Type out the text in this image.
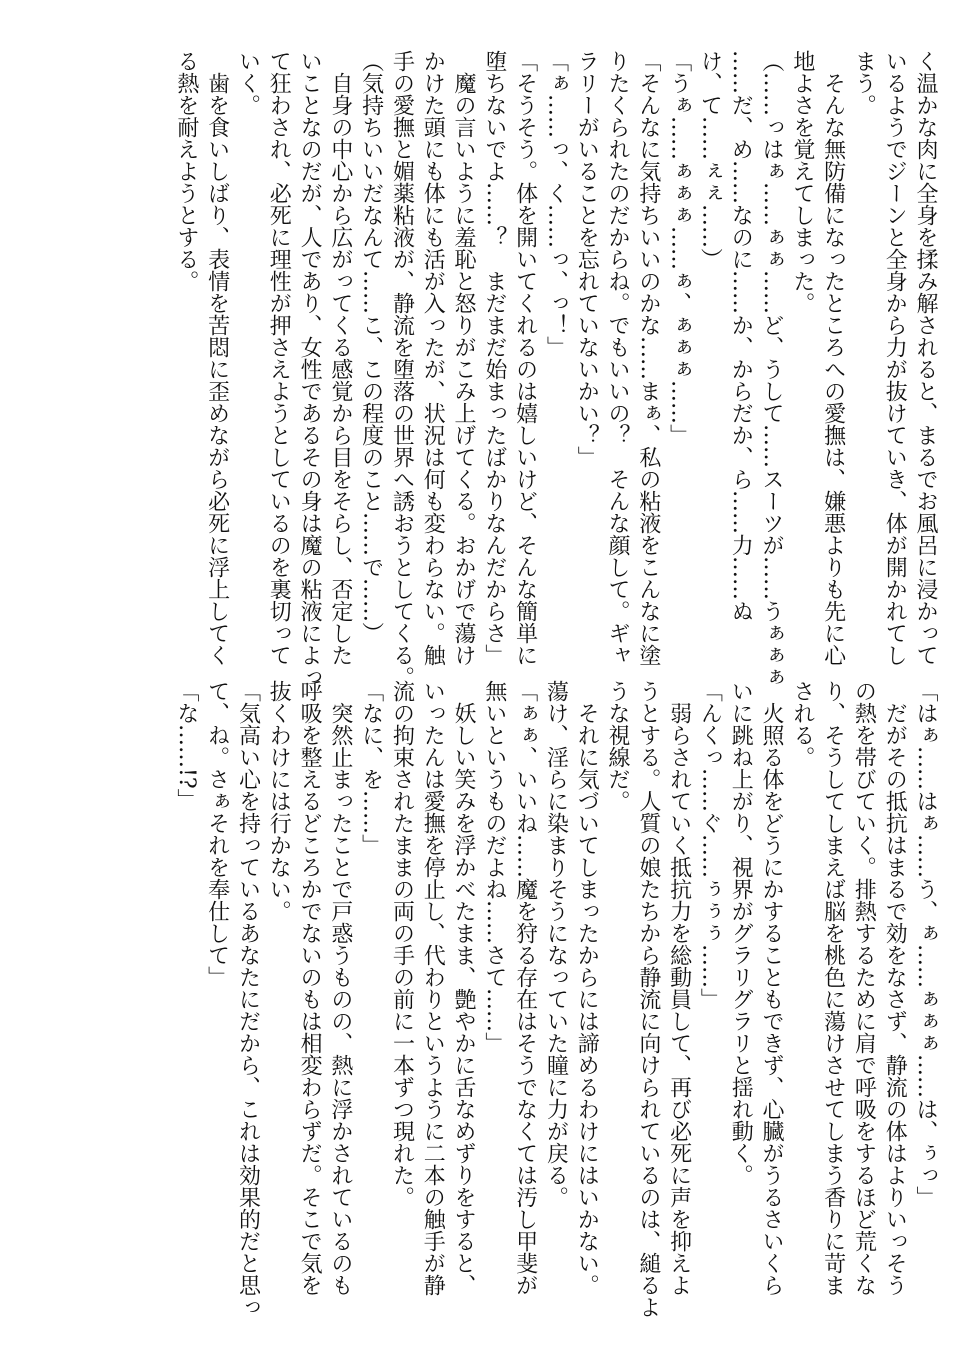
く温かな肉に全身を揉み解されると、まるでお風呂に浸かって
いるようでジーンと全身から力が抜けていき、体が開かれてし
まう。
　そんな無防備になったところへの愛撫は、嫌悪よりも先に心
地よさを覚えてしまった。
（……っはぁ……ぁぁ……ど、うして……スーツが……うぁぁぁ
……だ、め……なのに……か、からだか、ら……力……ぬ
け、て……ぇぇ……）
「うぁ……ぁぁぁ……ぁ、ぁぁぁ……」
「そんなに気持ちいいのかな……まぁ、私の粘液をこんなに塗
りたくられたのだからね。でもいいの？　そんな顔して。ギャ
ラリーがいることを忘れていないかい？」
「ぁ……っ、く……っ、っ！」
「そうそう。体を開いてくれるのは嬉しいけど、そんな簡単に
堕ちないでよ……？　まだまだ始まったばかりなんだからさ」
　魔の言いように羞恥と怒りがこみ上げてくる。おかげで蕩け
かけた頭にも体にも活が入ったが、状況は何も変わらない。触
手の愛撫と媚薬粘液が、静流を堕落の世界へ誘おうとしてくる。
（気持ちいいだなんて……こ、この程度のこと……で……）
　自身の中心から広がってくる感覚から目をそらし、否定した
いことなのだが、人であり、女性であるその身は魔の粘液によっ
て狂わされ、必死に理性が押さえようとしているのを裏切って
いく。
　歯を食いしばり、表情を苦悶に歪めながら必死に浮上してく
る熱を耐えようとする。
「はぁ……はぁ……う、ぁ……ぁぁぁ……は、ぅっ」
　だがその抵抗はまるで効をなさず、静流の体はよりいっそう
の熱を帯びていく。排熱するために肩で呼吸をするほど荒くな
り、そうしてしまえば脳を桃色に蕩けさせてしまう香りに苛ま
される。
　火照る体をどうにかすることもできず、心臓がうるさいくら
いに跳ね上がり、視界がグラリグラリと揺れ動く。
「んくっ……ぐ……ぅぅぅ……」
　弱らされていく抵抗力を総動員して、再び必死に声を抑えよ
うとする。人質の娘たちから静流に向けられているのは、縋るよ
うな視線だ。
　それに気づいてしまったからには諦めるわけにはいかない。
蕩け、淫らに染まりそうになっていた瞳に力が戻る。
「ぁぁ、いいね……魔を狩る存在はそうでなくては汚し甲斐が
無いというものだよね……さて……」
　妖しい笑みを浮かべたまま、艶やかに舌なめずりをすると、
いったんは愛撫を停止し、代わりというように二本の触手が静
流の拘束されたままの両の手の前に一本ずつ現れた。
「なに、を……」
　突然止まったことで戸惑うものの、熱に浮かされているのも
呼吸を整えるどころかでないのもは相変わらずだ。そこで気を
抜くわけには行かない。
「気高い心を持っているあなたにだから、これは効果的だと思っ
て、ね。さぁそれを奉仕して」
「な……!?」
